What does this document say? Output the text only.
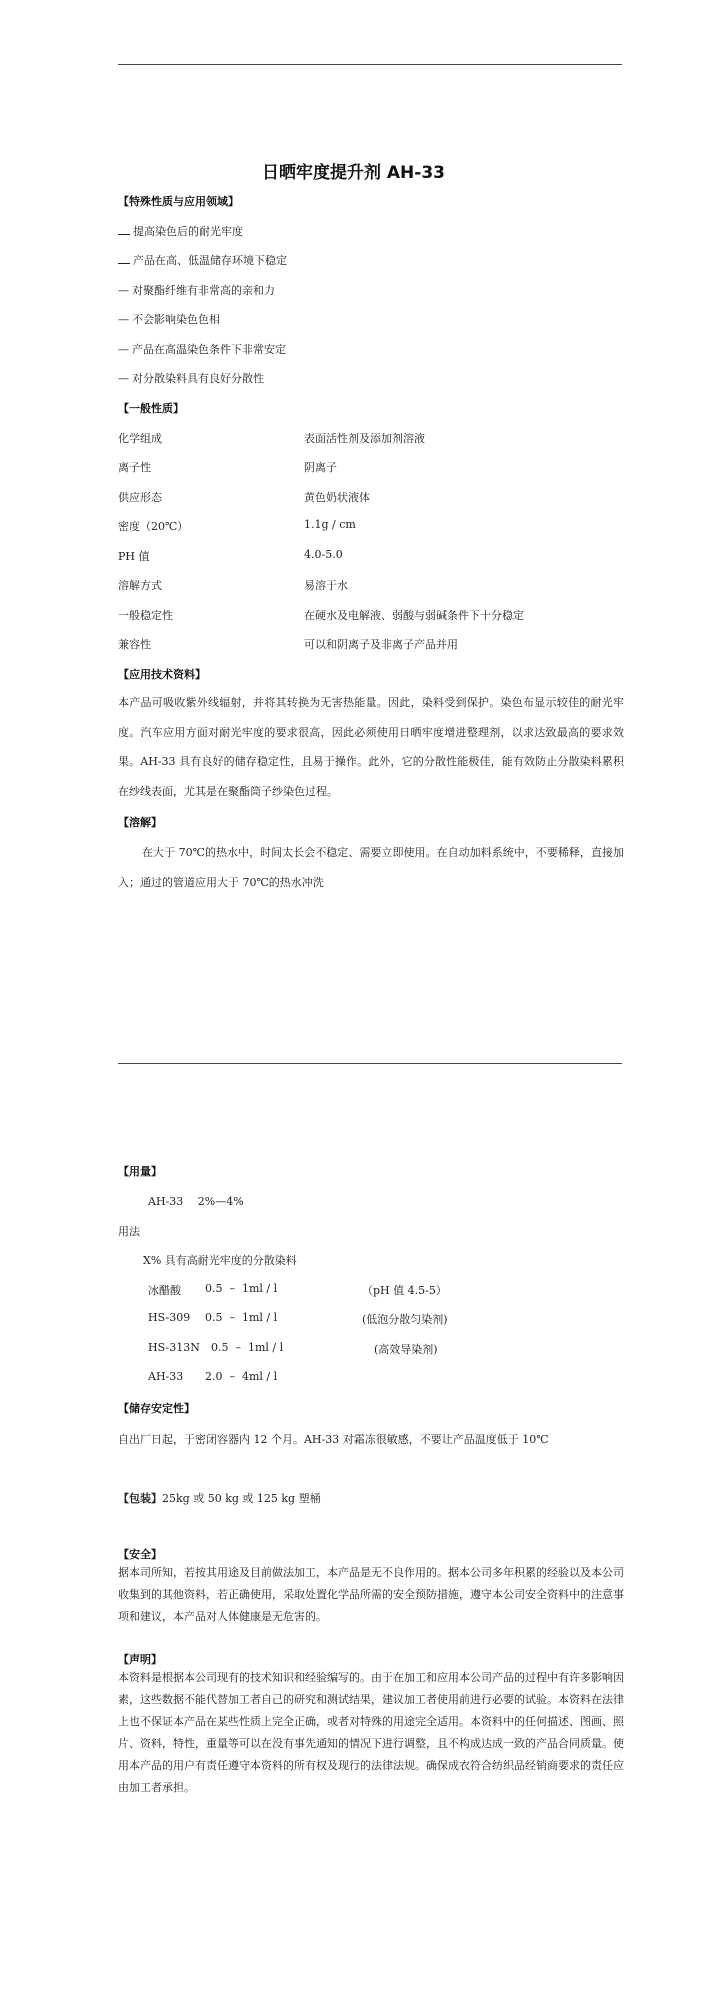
日晒牢度提升剂 AH-33
【特殊性质与应用领域】
提高染色后的耐光牢度
产品在高、低温储存环境下稳定
— 对聚酯纤维有非常高的亲和力
— 不会影响染色色相
— 产品在高温染色条件下非常安定
— 对分散染料具有良好分散性
【一般性质】
化学组成	表面活性剂及添加剂溶液
离子性	阴离子
供应形态	黄色奶状液体
密度（20℃）	1.1g / cm
PH 值	4.0-5.0
溶解方式	易溶于水
一般稳定性	在硬水及电解液、弱酸与弱碱条件下十分稳定
兼容性	可以和阴离子及非离子产品并用
【应用技术资料】
本产品可吸收紫外线辐射，并将其转换为无害热能量。因此，染料受到保护。染色布显示较佳的耐光牢度。汽车应用方面对耐光牢度的要求很高，因此必须使用日晒牢度增进整理剂，以求达致最高的要求效果。AH-33 具有良好的储存稳定性，且易于操作。此外，它的分散性能极佳，能有效防止分散染料累积在纱线表面，尤其是在聚酯筒子纱染色过程。
【溶解】
在大于 70℃的热水中，时间太长会不稳定、需要立即使用。在自动加料系统中，不要稀释，直接加入；通过的管道应用大于 70℃的热水冲洗
【用量】
AH-33　 2%—4%
用法
X% 具有高耐光牢度的分散染料
冰醋酸 0.5  –  1ml / l	（pH 值 4.5-5）
HS-309 0.5  –  1ml / l	(低泡分散匀染剂)
HS-313N 0.5  –  1ml / l	(高效导染剂)
AH-33 2.0  –  4ml / l
【储存安定性】
自出厂日起，于密闭容器内 12 个月。AH-33 对霜冻很敏感，不要让产品温度低于 10℃
【包装】25kg 或 50 kg 或 125 kg 塑桶
【安全】
据本司所知，若按其用途及目前做法加工，本产品是无不良作用的。据本公司多年积累的经验以及本公司收集到的其他资料，若正确使用，采取处置化学品所需的安全预防措施，遵守本公司安全资料中的注意事项和建议，本产品对人体健康是无危害的。
【声明】
本资料是根据本公司现有的技术知识和经验编写的。由于在加工和应用本公司产品的过程中有许多影响因素，这些数据不能代替加工者自己的研究和测试结果，建议加工者使用前进行必要的试验。本资料在法律上也不保证本产品在某些性质上完全正确，或者对特殊的用途完全适用。本资料中的任何描述、图画、照片、资料，特性，重量等可以在没有事先通知的情况下进行调整，且不构成达成一致的产品合同质量。使用本产品的用户有责任遵守本资料的所有权及现行的法律法规。确保成衣符合纺织品经销商要求的责任应由加工者承担。
